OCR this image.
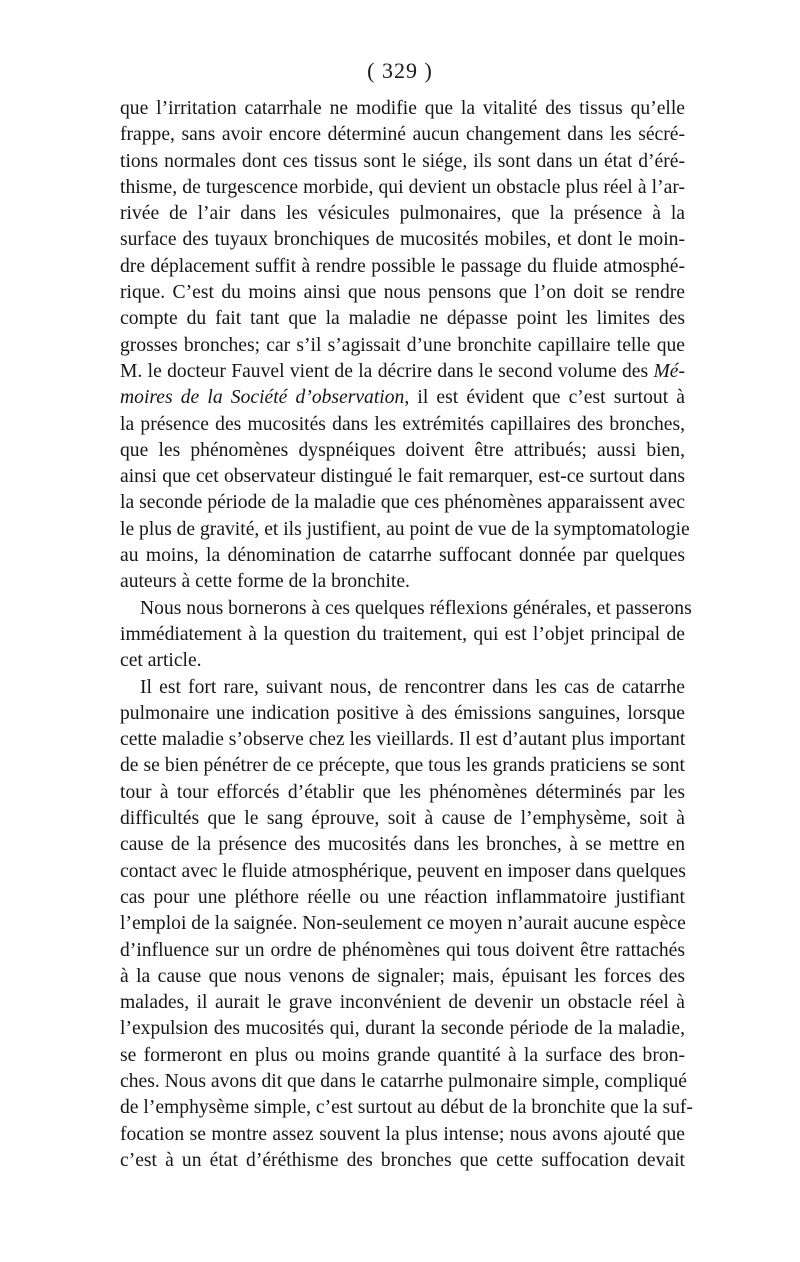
( 329 )
que l’irritation catarrhale ne modifie que la vitalité des tissus qu’elle
frappe, sans avoir encore déterminé aucun changement dans les sécré-
tions normales dont ces tissus sont le siége, ils sont dans un état d’éré-
thisme, de turgescence morbide, qui devient un obstacle plus réel à l’ar-
rivée de l’air dans les vésicules pulmonaires, que la présence à la
surface des tuyaux bronchiques de mucosités mobiles, et dont le moin-
dre déplacement suffit à rendre possible le passage du fluide atmosphé-
rique. C’est du moins ainsi que nous pensons que l’on doit se rendre
compte du fait tant que la maladie ne dépasse point les limites des
grosses bronches; car s’il s’agissait d’une bronchite capillaire telle que
M. le docteur Fauvel vient de la décrire dans le second volume des Mé-
moires de la Société d’observation, il est évident que c’est surtout à
la présence des mucosités dans les extrémités capillaires des bronches,
que les phénomènes dyspnéiques doivent être attribués; aussi bien,
ainsi que cet observateur distingué le fait remarquer, est-ce surtout dans
la seconde période de la maladie que ces phénomènes apparaissent avec
le plus de gravité, et ils justifient, au point de vue de la symptomatologie
au moins, la dénomination de catarrhe suffocant donnée par quelques
auteurs à cette forme de la bronchite.
Nous nous bornerons à ces quelques réflexions générales, et passerons
immédiatement à la question du traitement, qui est l’objet principal de
cet article.
Il est fort rare, suivant nous, de rencontrer dans les cas de catarrhe
pulmonaire une indication positive à des émissions sanguines, lorsque
cette maladie s’observe chez les vieillards. Il est d’autant plus important
de se bien pénétrer de ce précepte, que tous les grands praticiens se sont
tour à tour efforcés d’établir que les phénomènes déterminés par les
difficultés que le sang éprouve, soit à cause de l’emphysème, soit à
cause de la présence des mucosités dans les bronches, à se mettre en
contact avec le fluide atmosphérique, peuvent en imposer dans quelques
cas pour une pléthore réelle ou une réaction inflammatoire justifiant
l’emploi de la saignée. Non-seulement ce moyen n’aurait aucune espèce
d’influence sur un ordre de phénomènes qui tous doivent être rattachés
à la cause que nous venons de signaler; mais, épuisant les forces des
malades, il aurait le grave inconvénient de devenir un obstacle réel à
l’expulsion des mucosités qui, durant la seconde période de la maladie,
se formeront en plus ou moins grande quantité à la surface des bron-
ches. Nous avons dit que dans le catarrhe pulmonaire simple, compliqué
de l’emphysème simple, c’est surtout au début de la bronchite que la suf-
focation se montre assez souvent la plus intense; nous avons ajouté que
c’est à un état d’éréthisme des bronches que cette suffocation devait
